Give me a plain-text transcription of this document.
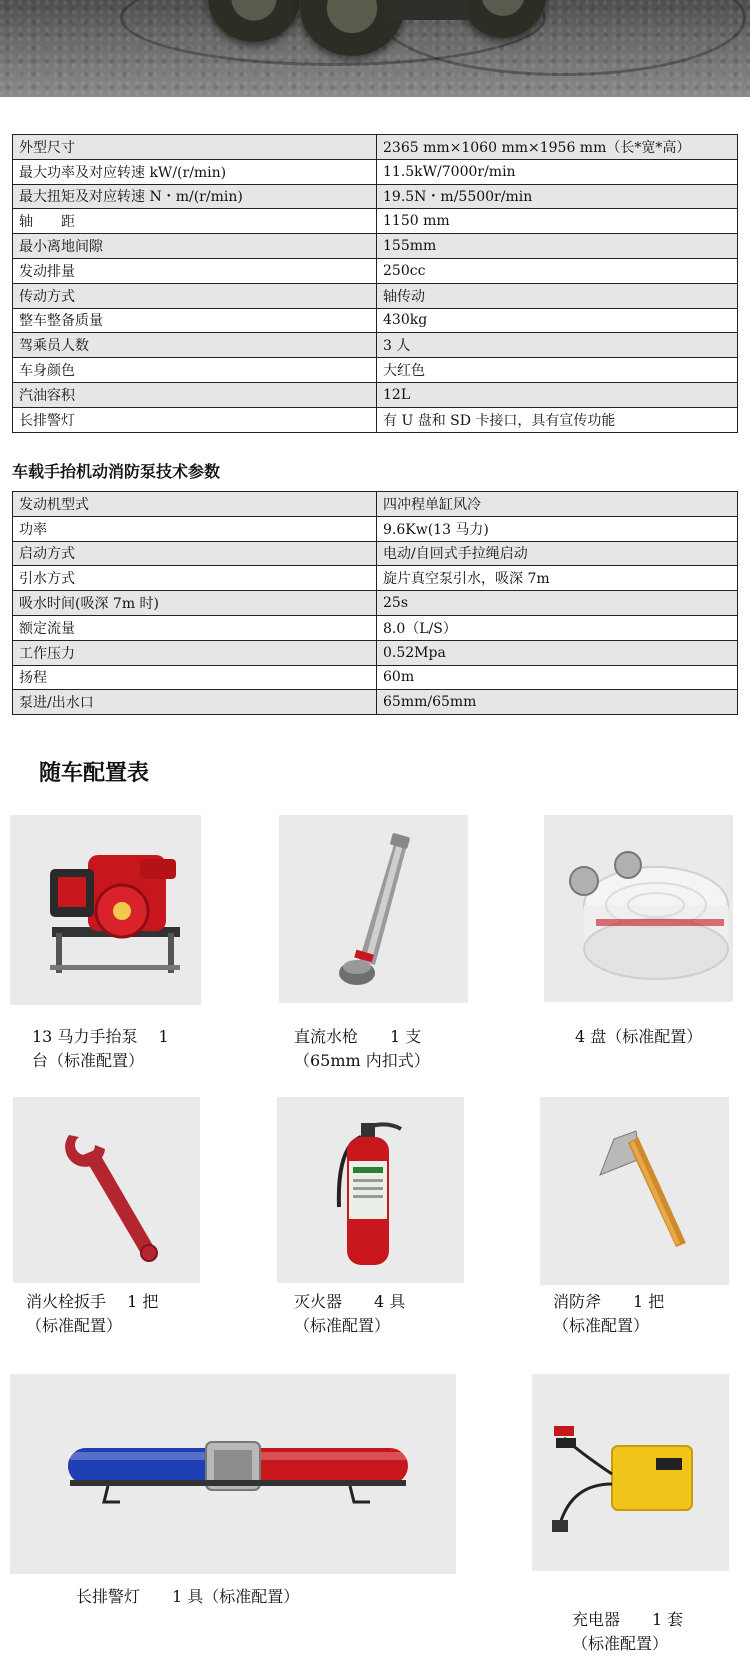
外型尺寸	2365 mm×1060 mm×1956 mm（长*宽*高）
最大功率及对应转速 kW/(r/min)	11.5kW/7000r/min
最大扭矩及对应转速 N・m/(r/min)	19.5N・m/5500r/min
轴　　距	1150 mm
最小离地间隙	155mm
发动排量	250cc
传动方式	轴传动
整车整备质量	430kg
驾乘员人数	3 人
车身颜色	大红色
汽油容积	12L
长排警灯	有 U 盘和 SD 卡接口，具有宣传功能
车载手抬机动消防泵技术参数
发动机型式	四冲程单缸风冷
功率	9.6Kw(13 马力)
启动方式	电动/自回式手拉绳启动
引水方式	旋片真空泵引水，吸深 7m
吸水时间(吸深 7m 时)	25s
额定流量	8.0（L/S）
工作压力	0.52Mpa
扬程	60m
泵进/出水口	65mm/65mm
随车配置表
13 马力手抬泵　 1
台（标准配置）
直流水枪　　1 支
（65mm 内扣式）
4 盘（标准配置）
消火栓扳手　 1 把
（标准配置）
灭火器　　4 具
（标准配置）
消防斧　　1 把
（标准配置）
长排警灯　　1 具（标准配置）
充电器　　1 套
（标准配置）
